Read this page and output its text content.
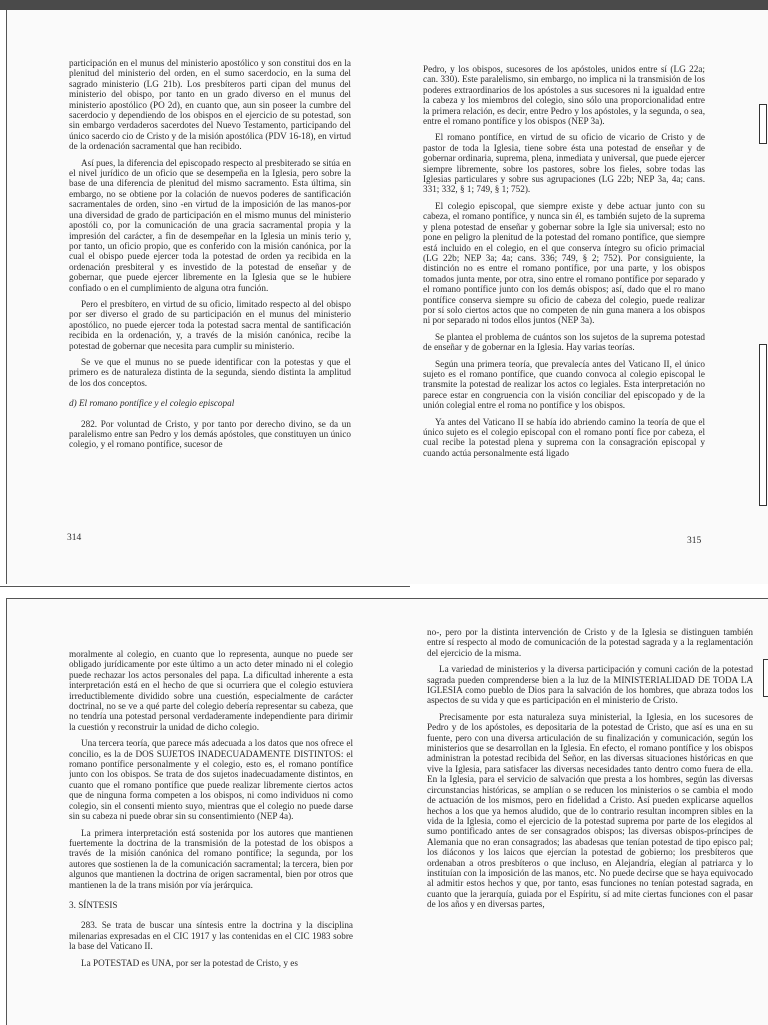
participación en el munus del ministerio apostólico y son constitui dos en la plenitud del ministerio del orden, en el sumo sacerdocio, en la suma del sagrado ministerio (LG 21b). Los presbíteros parti cipan del munus del ministerio del obispo, por tanto en un grado diverso en el munus del ministerio apostólico (PO 2d), en cuanto que, aun sin poseer la cumbre del sacerdocio y dependiendo de los obispos en el ejercicio de su potestad, son sin embargo verdaderos sacerdotes del Nuevo Testamento, participando del único sacerdo cio de Cristo y de la misión apostólica (PDV 16-18), en virtud de la ordenación sacramental que han recibido.

Así pues, la diferencia del episcopado respecto al presbiterado se sitúa en el nivel jurídico de un oficio que se desempeña en la Iglesia, pero sobre la base de una diferencia de plenitud del mismo sacramento. Esta última, sin embargo, no se obtiene por la colación de nuevos poderes de santificación sacramentales de orden, sino -en virtud de la imposición de las manos-por una diversidad de grado de participación en el mismo munus del ministerio apostóli co, por la comunicación de una gracia sacramental propia y la impresión del carácter, a fin de desempeñar en la Iglesia un minis terio y, por tanto, un oficio propio, que es conferido con la misión canónica, por la cual el obispo puede ejercer toda la potestad de orden ya recibida en la ordenación presbiteral y es investido de la potestad de enseñar y de gobernar, que puede ejercer libremente en la Iglesia que se le hubiere confiado o en el cumplimiento de alguna otra función.

Pero el presbítero, en virtud de su oficio, limitado respecto al del obispo por ser diverso el grado de su participación en el munus del ministerio apostólico, no puede ejercer toda la potestad sacra mental de santificación recibida en la ordenación, y, a través de la misión canónica, recibe la potestad de gobernar que necesita para cumplir su ministerio.

Se ve que el munus no se puede identificar con la potestas y que el primero es de naturaleza distinta de la segunda, siendo distinta la amplitud de los dos conceptos.

d) El romano pontífice y el colegio episcopal

282. Por voluntad de Cristo, y por tanto por derecho divino, se da un paralelismo entre san Pedro y los demás apóstoles, que constituyen un único colegio, y el romano pontífice, sucesor de

314

Pedro, y los obispos, sucesores de los apóstoles, unidos entre sí (LG 22a; can. 330). Este paralelismo, sin embargo, no implica ni la transmisión de los poderes extraordinarios de los apóstoles a sus sucesores ni la igualdad entre la cabeza y los miembros del colegio, sino sólo una proporcionalidad entre la primera relación, es decir, entre Pedro y los apóstoles, y la segunda, o sea, entre el romano pontífice y los obispos (NEP 3a).

El romano pontífice, en virtud de su oficio de vicario de Cristo y de pastor de toda la Iglesia, tiene sobre ésta una potestad de enseñar y de gobernar ordinaria, suprema, plena, inmediata y universal, que puede ejercer siempre libremente, sobre los pastores, sobre los fieles, sobre todas las Iglesias particulares y sobre sus agrupaciones (LG 22b; NEP 3a, 4a; cans. 331; 332, § 1; 749, § 1; 752).

El colegio episcopal, que siempre existe y debe actuar junto con su cabeza, el romano pontífice, y nunca sin él, es también sujeto de la suprema y plena potestad de enseñar y gobernar sobre la Igle sia universal; esto no pone en peligro la plenitud de la potestad del romano pontífice, que siempre está incluido en el colegio, en el que conserva íntegro su oficio primacial (LG 22b; NEP 3a; 4a; cans. 336; 749, § 2; 752). Por consiguiente, la distinción no es entre el romano pontífice, por una parte, y los obispos tomados junta mente, por otra, sino entre el romano pontífice por separado y el romano pontífice junto con los demás obispos; así, dado que el ro mano pontífice conserva siempre su oficio de cabeza del colegio, puede realizar por sí solo ciertos actos que no competen de nin guna manera a los obispos ni por separado ni todos ellos juntos (NEP 3a).

Se plantea el problema de cuántos son los sujetos de la suprema potestad de enseñar y de gobernar en la Iglesia. Hay varias teorías.

Según una primera teoría, que prevalecía antes del Vaticano II, el único sujeto es el romano pontífice, que cuando convoca al colegio episcopal le transmite la potestad de realizar los actos co legiales. Esta interpretación no parece estar en congruencia con la visión conciliar del episcopado y de la unión colegial entre el roma no pontífice y los obispos.

Ya antes del Vaticano II se había ido abriendo camino la teoría de que el único sujeto es el colegio episcopal con el romano pontí fice por cabeza, el cual recibe la potestad plena y suprema con la consagración episcopal y cuando actúa personalmente está ligado

315

moralmente al colegio, en cuanto que lo representa, aunque no puede ser obligado jurídicamente por este último a un acto deter minado ni el colegio puede rechazar los actos personales del papa. La dificultad inherente a esta interpretación está en el hecho de que si ocurriera que el colegio estuviera irreductiblemente dividido sobre una cuestión, especialmente de carácter doctrinal, no se ve a qué parte del colegio debería representar su cabeza, que no tendría una potestad personal verdaderamente independiente para dirimir la cuestión y reconstruir la unidad de dicho colegio.

Una tercera teoría, que parece más adecuada a los datos que nos ofrece el concilio, es la de DOS SUJETOS INADECUADAMENTE DISTINTOS: el romano pontífice personalmente y el colegio, esto es, el romano pontífice junto con los obispos. Se trata de dos sujetos inadecuadamente distintos, en cuanto que el romano pontífice que puede realizar libremente ciertos actos que de ninguna forma competen a los obispos, ni como individuos ni como colegio, sin el consenti miento suyo, mientras que el colegio no puede darse sin su cabeza ni puede obrar sin su consentimiento (NEP 4a).

La primera interpretación está sostenida por los autores que mantienen fuertemente la doctrina de la transmisión de la potestad de los obispos a través de la misión canónica del romano pontífice; la segunda, por los autores que sostienen la de la comunicación sacramental; la tercera, bien por algunos que mantienen la doctrina de origen sacramental, bien por otros que mantienen la de la trans misión por vía jerárquica.

3. SÍNTESIS

283. Se trata de buscar una síntesis entre la doctrina y la disciplina milenarias expresadas en el CIC 1917 y las contenidas en el CIC 1983 sobre la base del Vaticano II.

La POTESTAD es UNA, por ser la potestad de Cristo, y es

no-, pero por la distinta intervención de Cristo y de la Iglesia se distinguen también entre sí respecto al modo de comunicación de la potestad sagrada y a la reglamentación del ejercicio de la misma.

La variedad de ministerios y la diversa participación y comuni cación de la potestad sagrada pueden comprenderse bien a la luz de la MINISTERIALIDAD DE TODA LA IGLESIA como pueblo de Dios para la salvación de los hombres, que abraza todos los aspectos de su vida y que es participación en el ministerio de Cristo.

Precisamente por esta naturaleza suya ministerial, la Iglesia, en los sucesores de Pedro y de los apóstoles, es depositaria de la potestad de Cristo, que así es una en su fuente, pero con una diversa articulación de su finalización y comunicación, según los ministerios que se desarrollan en la Iglesia. En efecto, el romano pontífice y los obispos administran la potestad recibida del Señor, en las diversas situaciones históricas en que vive la Iglesia, para satisfacer las diversas necesidades tanto dentro como fuera de ella. En la Iglesia, para el servicio de salvación que presta a los hombres, según las diversas circunstancias históricas, se amplían o se reducen los ministerios o se cambia el modo de actuación de los mismos, pero en fidelidad a Cristo. Así pueden explicarse aquellos hechos a los que ya hemos aludido, que de lo contrario resultan incompren sibles en la vida de la Iglesia, como el ejercicio de la potestad suprema por parte de los elegidos al sumo pontificado antes de ser consagrados obispos; las diversas obispos-príncipes de Alemania que no eran consagrados; las abadesas que tenían potestad de tipo episco pal; los diáconos y los laicos que ejercían la potestad de gobierno; los presbíteros que ordenaban a otros presbíteros o que incluso, en Alejandría, elegían al patriarca y lo instituían con la imposición de las manos, etc. No puede decirse que se haya equivocado al admitir estos hechos y que, por tanto, esas funciones no tenían potestad sagrada, en cuanto que la jerarquía, guiada por el Espíritu, sí ad mite ciertas funciones con el pasar de los años y en diversas partes,
